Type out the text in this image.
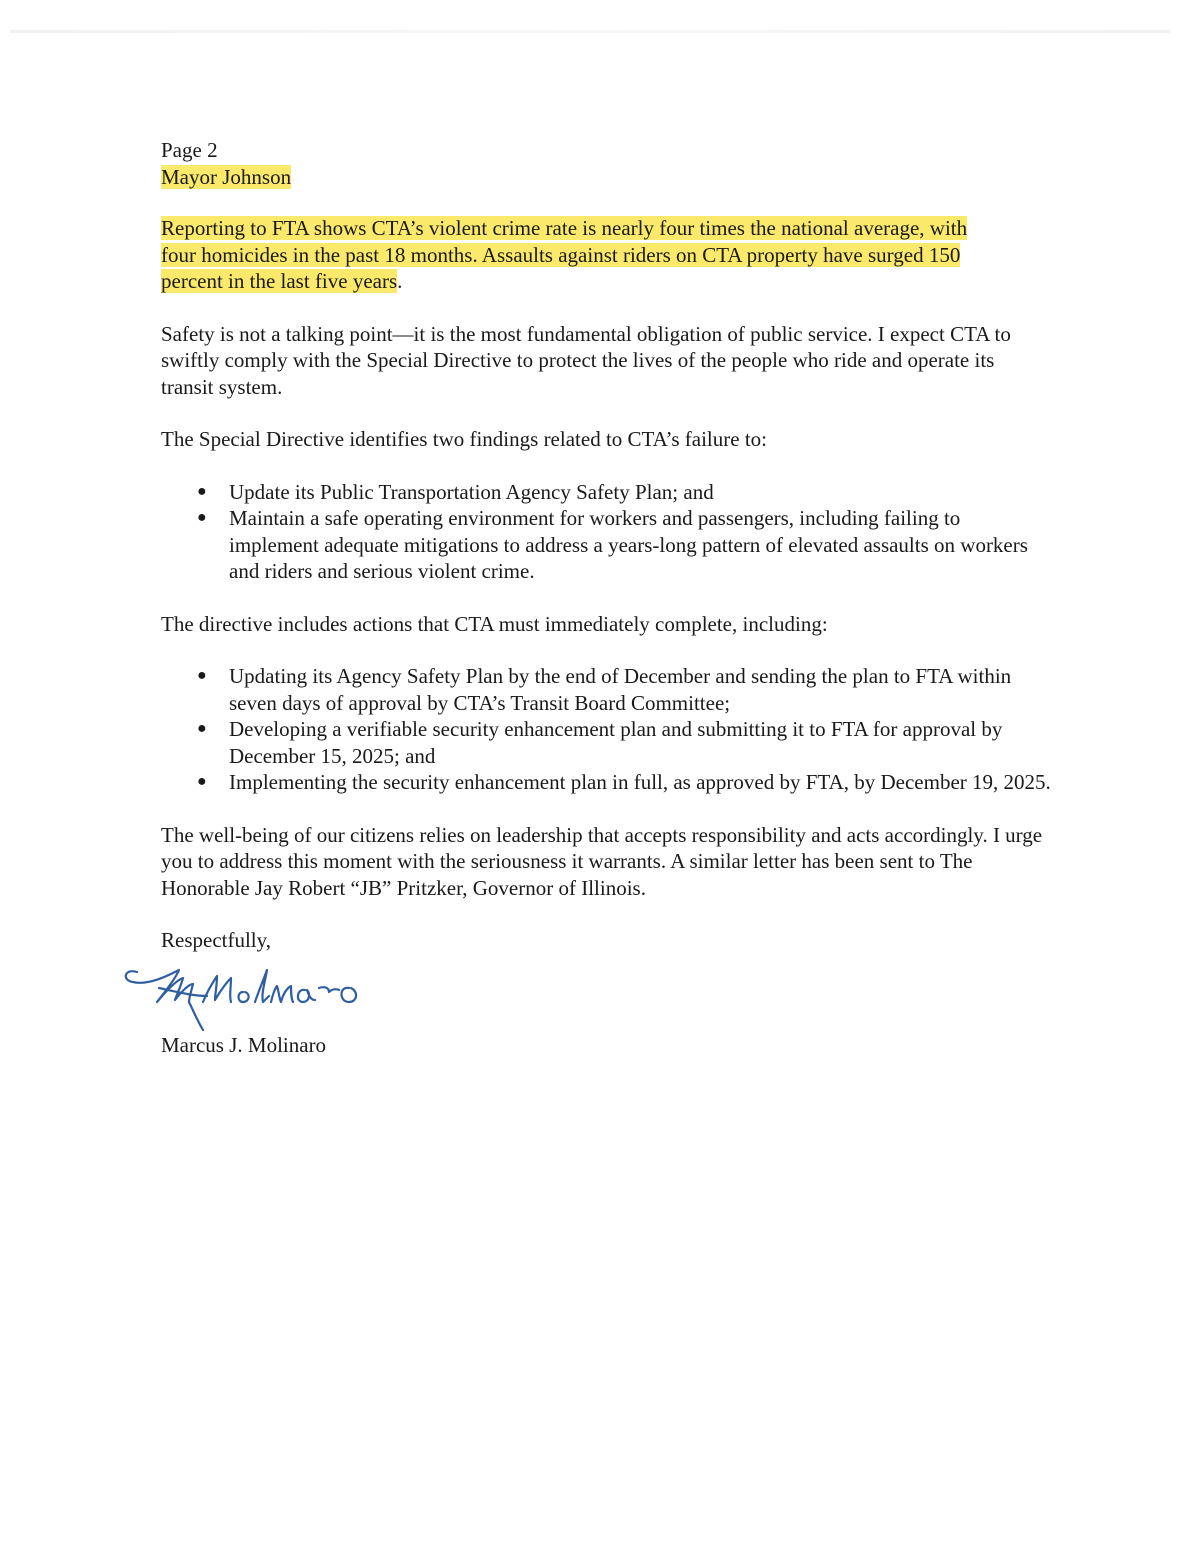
Page 2
Mayor Johnson

Reporting to FTA shows CTA’s violent crime rate is nearly four times the national average, with
four homicides in the past 18 months. Assaults against riders on CTA property have surged 150
percent in the last five years.

Safety is not a talking point—it is the most fundamental obligation of public service. I expect CTA to swiftly comply with the Special Directive to protect the lives of the people who ride and operate its transit system.

The Special Directive identifies two findings related to CTA’s failure to:

● Update its Public Transportation Agency Safety Plan; and
● Maintain a safe operating environment for workers and passengers, including failing to implement adequate mitigations to address a years-long pattern of elevated assaults on workers and riders and serious violent crime.

The directive includes actions that CTA must immediately complete, including:

● Updating its Agency Safety Plan by the end of December and sending the plan to FTA within seven days of approval by CTA’s Transit Board Committee;
● Developing a verifiable security enhancement plan and submitting it to FTA for approval by December 15, 2025; and
● Implementing the security enhancement plan in full, as approved by FTA, by December 19, 2025.

The well-being of our citizens relies on leadership that accepts responsibility and acts accordingly. I urge you to address this moment with the seriousness it warrants. A similar letter has been sent to The Honorable Jay Robert “JB” Pritzker, Governor of Illinois.

Respectfully,

Marcus J. Molinaro
